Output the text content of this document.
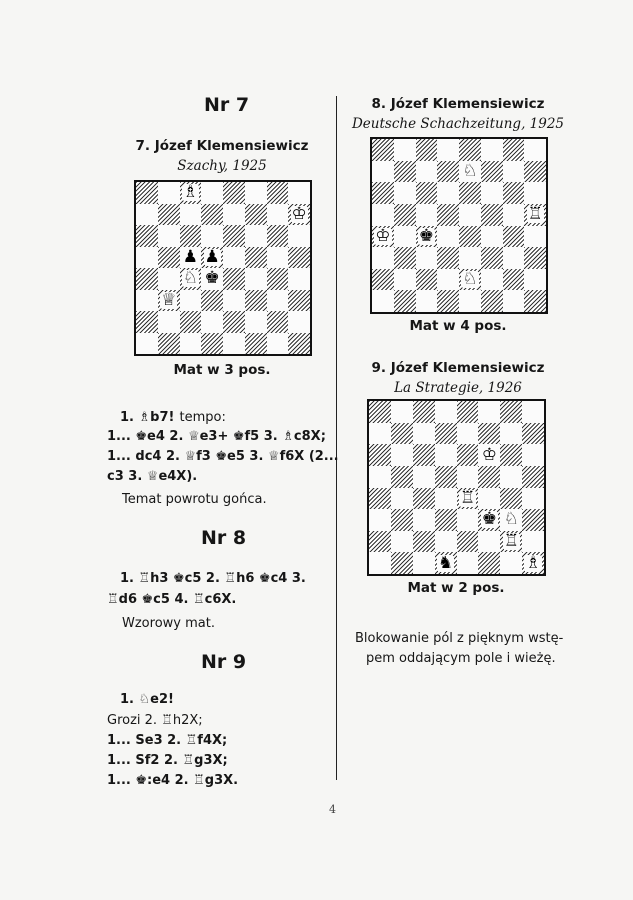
Nr 7
7. Józef Klemensiewicz
Szachy, 1925
♗
♔
♟ ♟
♘ ♚
♕
Mat w 3 pos.
1. ♗b7! tempo:
1... ♚e4 2. ♕e3+ ♚f5 3. ♗c8X;
1... dc4 2. ♕f3 ♚e5 3. ♕f6X (2...
c3 3. ♕e4X).
Temat powrotu gońca.
Nr 8
1. ♖h3 ♚c5 2. ♖h6 ♚c4 3.
♖d6 ♚c5 4. ♖c6X.
Wzorowy mat.
Nr 9
1. ♘e2!
Grozi 2. ♖h2X;
1... Se3 2. ♖f4X;
1... Sf2 2. ♖g3X;
1... ♚:e4 2. ♖g3X.
8. Józef Klemensiewicz
Deutsche Schachzeitung, 1925
♘
♖
♔ ♚
♘
Mat w 4 pos.
9. Józef Klemensiewicz
La Strategie, 1926
♔
♖
♚ ♘
♖
♞	♗
Mat w 2 pos.
Blokowanie pól z pięknym wstę-
pem oddającym pole i wieżę.
4
